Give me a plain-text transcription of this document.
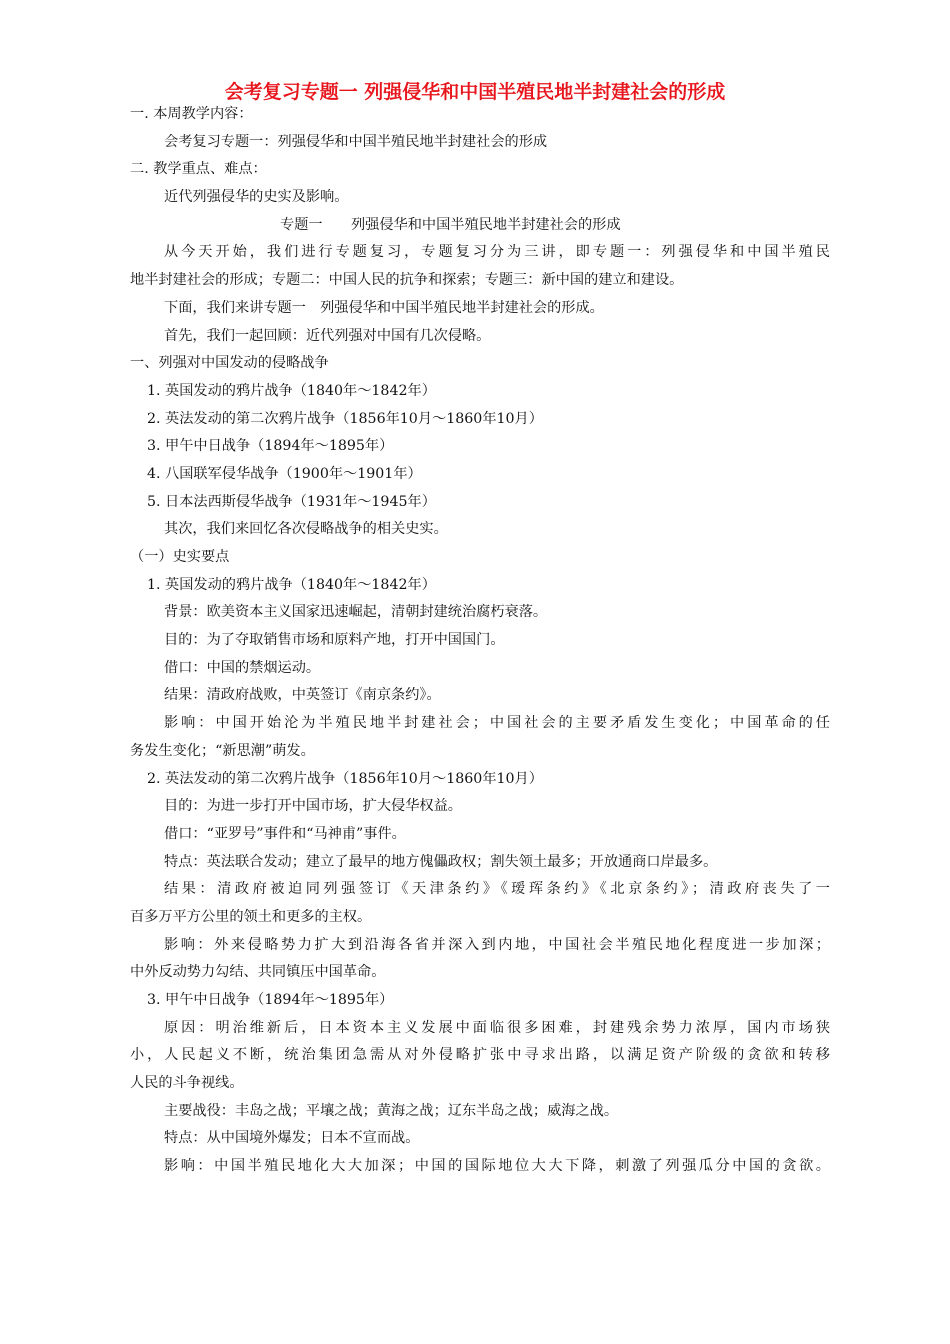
会考复习专题一 列强侵华和中国半殖民地半封建社会的形成
一. 本周教学内容：
会考复习专题一：列强侵华和中国半殖民地半封建社会的形成
二. 教学重点、难点：
近代列强侵华的史实及影响。
专题一　　列强侵华和中国半殖民地半封建社会的形成
从今天开始，我们进行专题复习，专题复习分为三讲，即专题一：列强侵华和中国半殖民
地半封建社会的形成；专题二：中国人民的抗争和探索；专题三：新中国的建立和建设。
下面，我们来讲专题一　列强侵华和中国半殖民地半封建社会的形成。
首先，我们一起回顾：近代列强对中国有几次侵略。
一、列强对中国发动的侵略战争
1. 英国发动的鸦片战争（1840年～1842年）
2. 英法发动的第二次鸦片战争（1856年10月～1860年10月）
3. 甲午中日战争（1894年～1895年）
4. 八国联军侵华战争（1900年～1901年）
5. 日本法西斯侵华战争（1931年～1945年）
其次，我们来回忆各次侵略战争的相关史实。
（一）史实要点
1. 英国发动的鸦片战争（1840年～1842年）
背景：欧美资本主义国家迅速崛起，清朝封建统治腐朽衰落。
目的：为了夺取销售市场和原料产地，打开中国国门。
借口：中国的禁烟运动。
结果：清政府战败，中英签订《南京条约》。
影响：中国开始沦为半殖民地半封建社会；中国社会的主要矛盾发生变化；中国革命的任
务发生变化；“新思潮”萌发。
2. 英法发动的第二次鸦片战争（1856年10月～1860年10月）
目的：为进一步打开中国市场，扩大侵华权益。
借口：“亚罗号”事件和“马神甫”事件。
特点：英法联合发动；建立了最早的地方傀儡政权；割失领土最多；开放通商口岸最多。
结果：清政府被迫同列强签订《天津条约》《瑷珲条约》《北京条约》；清政府丧失了一
百多万平方公里的领土和更多的主权。
影响：外来侵略势力扩大到沿海各省并深入到内地，中国社会半殖民地化程度进一步加深；
中外反动势力勾结、共同镇压中国革命。
3. 甲午中日战争（1894年～1895年）
原因：明治维新后，日本资本主义发展中面临很多困难，封建残余势力浓厚，国内市场狭
小，人民起义不断，统治集团急需从对外侵略扩张中寻求出路，以满足资产阶级的贪欲和转移
人民的斗争视线。
主要战役：丰岛之战；平壤之战；黄海之战；辽东半岛之战；威海之战。
特点：从中国境外爆发；日本不宣而战。
影响：中国半殖民地化大大加深；中国的国际地位大大下降，刺激了列强瓜分中国的贪欲。
